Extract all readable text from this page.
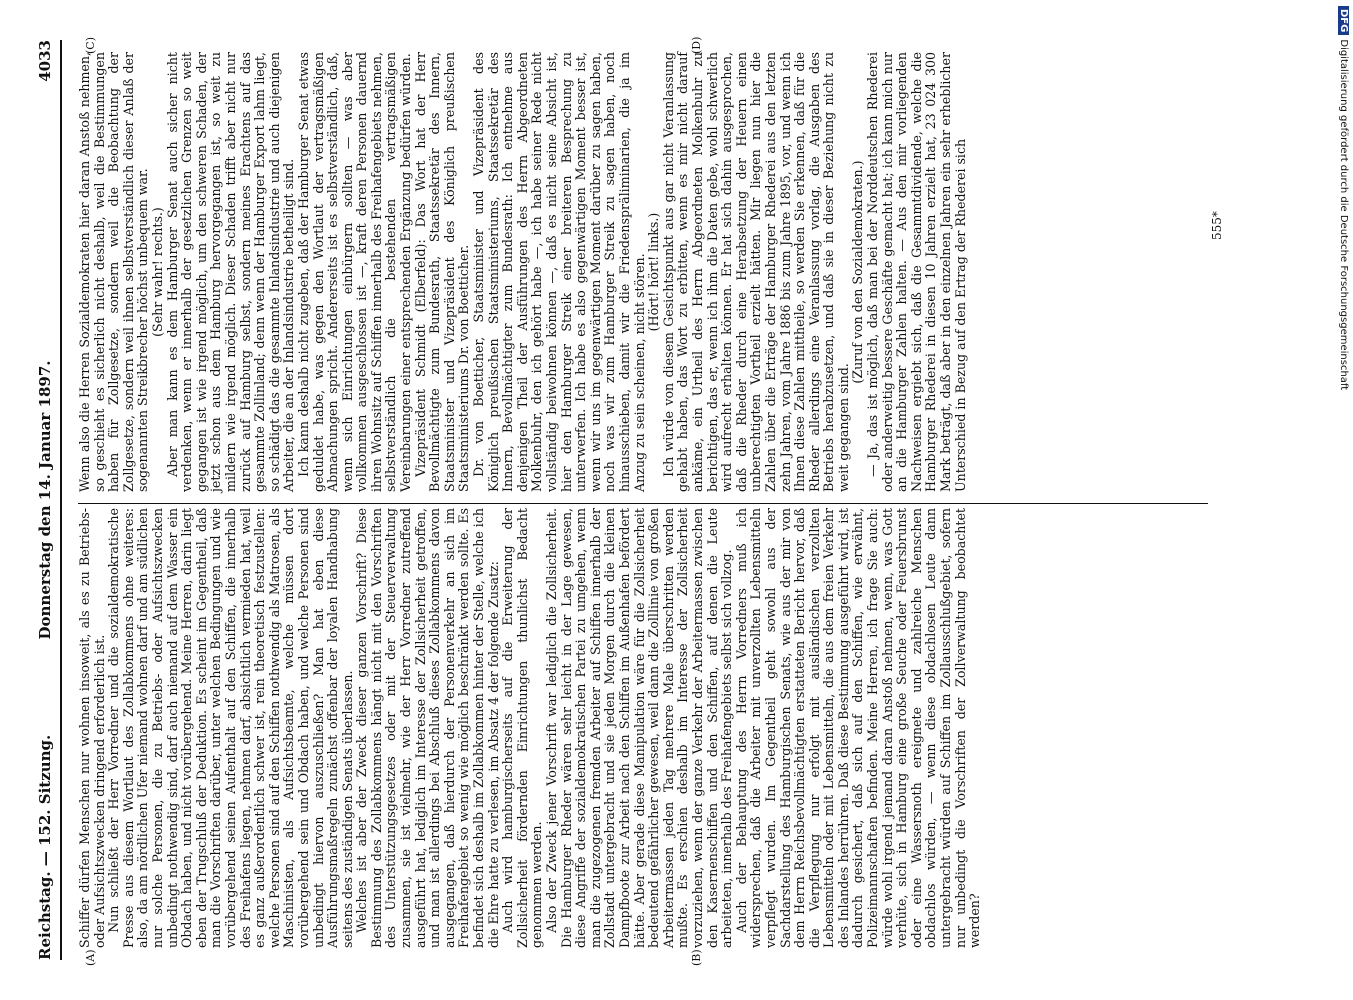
Reichstag. — 152. Sitzung.
Donnerstag den 14. Januar 1897.
4033
(A)	(B)
(C)	(D)

Schiffer dürfen Menschen nur wohnen insoweit, als es zu Betriebs- oder Aufsichtszwecken dringend erforderlich ist. Nun schließt der Herr Vorredner und die sozialdemokratische Presse aus diesem Wortlaut des Zollabkommens ohne weiteres: also, da am nördlichen Ufer niemand wohnen darf und am südlichen nur solche Personen, die zu Betriebs- oder Aufsichtszwecken unbedingt nothwendig sind, darf auch niemand auf dem Wasser ein Obdach haben, und nicht vorübergehend. Meine Herren, darin liegt eben der Trugschluß der Deduktion. Es scheint im Gegentheil, daß man die Vorschriften darüber, unter welchen Bedingungen und wie vorübergehend seinen Aufenthalt auf den Schiffen, die innerhalb des Freihafens liegen, nehmen darf, absichtlich vermieden hat, weil es ganz außerordentlich schwer ist, rein theoretisch festzustellen: welche Personen sind auf den Schiffen nothwendig als Matrosen, als Maschinisten, als Aufsichtsbeamte, welche müssen dort vorübergehend sein und Obdach haben, und welche Personen sind unbedingt hiervon auszuschließen? Man hat eben diese Ausführungsmaßregeln zunächst offenbar der loyalen Handhabung seitens des zuständigen Senats überlassen. Welches ist aber der Zweck dieser ganzen Vorschrift? Diese Bestimmung des Zollabkommens hängt nicht mit den Vorschriften des Unterstützungsgesetzes oder mit der Steuerverwaltung zusammen, sie ist vielmehr, wie der Herr Vorredner zutreffend ausgeführt hat, lediglich im Interesse der Zollsicherheit getroffen, und man ist allerdings bei Abschluß dieses Zollabkommens davon ausgegangen, daß hierdurch der Personenverkehr an sich im Freihafengebiet so wenig wie möglich beschränkt werden sollte. Es befindet sich deshalb im Zollabkommen hinter der Stelle, welche ich die Ehre hatte zu verlesen, im Absatz 4 der folgende Zusatz: Auch wird hamburgischerseits auf die Erweiterung der Zollsicherheit fördernden Einrichtungen thunlichst Bedacht genommen werden. Also der Zweck jener Vorschrift war lediglich die Zollsicherheit. Die Hamburger Rheder wären sehr leicht in der Lage gewesen, diese Angriffe der sozialdemokratischen Partei zu umgehen, wenn man die zugezogenen fremden Arbeiter auf Schiffen innerhalb der Zollstadt untergebracht und sie jeden Morgen durch die kleinen Dampfboote zur Arbeit nach den Schiffen im Außenhafen befördert hätte. Aber gerade diese Manipulation wäre für die Zollsicherheit bedeutend gefährlicher gewesen, weil dann die Zolllinie von großen Arbeitermassen jeden Tag mehrere Male überschritten werden mußte. Es erschien deshalb im Interesse der Zollsicherheit vorzuziehen, wenn der ganze Verkehr der Arbeitermassen zwischen den Kasernenschiffen und den Schiffen, auf denen die Leute arbeiteten, innerhalb des Freihafengebiets selbst sich vollzog. Auch der Behauptung des Herrn Vorredners muß ich widersprechen, daß die Arbeiter mit unverzollten Lebensmitteln verpflegt wurden. Im Gegentheil geht sowohl aus der Sachdarstellung des Hamburgischen Senats, wie aus der mir von dem Herrn Reichsbevollmächtigten erstatteten Bericht hervor, daß die Verpflegung nur erfolgt mit ausländischen verzollten Lebensmitteln oder mit Lebensmitteln, die aus dem freien Verkehr des Inlandes herrühren. Daß diese Bestimmung ausgeführt wird, ist dadurch gesichert, daß sich auf den Schiffen, wie erwähnt, Polizeimannschaften befinden. Meine Herren, ich frage Sie auch: würde wohl irgend jemand daran Anstoß nehmen, wenn, was Gott verhüte, sich in Hamburg eine große Seuche oder Feuersbrunst oder eine Wassersnoth ereignete und zahlreiche Menschen obdachlos würden, — wenn diese obdachlosen Leute dann untergebracht würden auf Schiffen im Zollausschlußgebiet, sofern nur unbedingt die Vorschriften der Zollverwaltung beobachtet werden?

Wenn also die Herren Sozialdemokraten hier daran Anstoß nehmen, so geschieht es sicherlich nicht deshalb, weil die Bestimmungen haben für Zollgesetze, sondern weil die Beobachtung der Zollgesetze, sondern weil ihnen selbstverständlich dieser Anlaß der sogenannten Streikbrecher höchst unbequem war. (Sehr wahr! rechts.) Aber man kann es dem Hamburger Senat auch sicher nicht verdenken, wenn er innerhalb der gesetzlichen Grenzen so weit gegangen ist wie irgend möglich, um den schweren Schaden, der jetzt schon aus dem Hamburg hervorgegangen ist, so weit zu mildern wie irgend möglich. Dieser Schaden trifft aber nicht nur zurück auf Hamburg selbst, sondern meines Erachtens auf das gesammte Zollinland; denn wenn der Hamburger Export lahm liegt, so schädigt das die gesammte Inlandsindustrie und auch diejenigen Arbeiter, die an der Inlandsindustrie betheiligt sind. Ich kann deshalb nicht zugeben, daß der Hamburger Senat etwas geduldet habe, was gegen den Wortlaut der vertragsmäßigen Abmachungen spricht. Andererseits ist es selbstverständlich, daß, wenn sich Einrichtungen einbürgern sollten — was aber vollkommen ausgeschlossen ist —, kraft deren Personen dauernd ihren Wohnsitz auf Schiffen innerhalb des Freihafengebiets nehmen, selbstverständlich die bestehenden vertragsmäßigen Vereinbarungen einer entsprechenden Ergänzung bedürfen würden. Vizepräsident Schmidt (Elberfeld): Das Wort hat der Herr Bevollmächtigte zum Bundesrath, Staatssekretär des Innern, Staatsminister und Vizepräsident des Königlich preußischen Staatsministeriums Dr. von Boetticher. Dr. von Boetticher, Staatsminister und Vizepräsident des Königlich preußischen Staatsministeriums, Staatssekretär des Innern, Bevollmächtigter zum Bundesrath: Ich entnehme aus denjenigen Theil der Ausführungen des Herrn Abgeordneten Molkenbuhr, den ich gehört habe —, ich habe seiner Rede nicht vollständig beiwohnen können —, daß es nicht seine Absicht ist, hier den Hamburger Streik einer breiteren Besprechung zu unterwerfen. Ich habe es also gegenwärtigen Moment besser ist, wenn wir uns im gegenwärtigen Moment darüber zu sagen haben, noch was wir zum Hamburger Streik zu sagen haben, noch hinausschieben, damit wir die Friedenspräliminarien, die ja im Anzug zu sein scheinen, nicht stören. (Hört! hört! links.) Ich würde von diesem Gesichtspunkt aus gar nicht Veranlassung gehabt haben, das Wort zu erbitten, wenn es mir nicht darauf ankäme, ein Urtheil des Herrn Abgeordneten Molkenbuhr zu berichtigen, das er, wenn ich ihm die Daten gebe, wohl schwerlich wird aufrecht erhalten können. Er hat sich dahin ausgesprochen, daß die Rheder durch eine Herabsetzung der Heuern einen unberechtigten Vortheil erzielt hätten. Mir liegen nun hier die Zahlen über die Erträge der Hamburger Rhederei aus den letzten zehn Jahren, vom Jahre 1886 bis zum Jahre 1895, vor, und wenn ich Ihnen diese Zahlen mittheile, so werden Sie erkennen, daß für die Rheder allerdings eine Veranlassung vorlag, die Ausgaben des Betriebs herabzusetzen, und daß sie in dieser Beziehung nicht zu weit gegangen sind.

(Zuruf von den Sozialdemokraten.) — Ja, das ist möglich, daß man bei der Norddeutschen Rhederei oder anderweitig bessere Geschäfte gemacht hat; ich kann mich nur an die Hamburger Zahlen halten. — Aus den mir vorliegenden Nachweisen ergiebt sich, daß die Gesammtdividende, welche die Hamburger Rhederei in diesen 10 Jahren erzielt hat, 23 024 300 Mark beträgt, daß aber in den einzelnen Jahren ein sehr erheblicher Unterschied in Bezug auf den Ertrag der Rhederei sich	555*
DFGDigitalisierung gefördert durch die Deutsche Forschungsgemeinschaft
